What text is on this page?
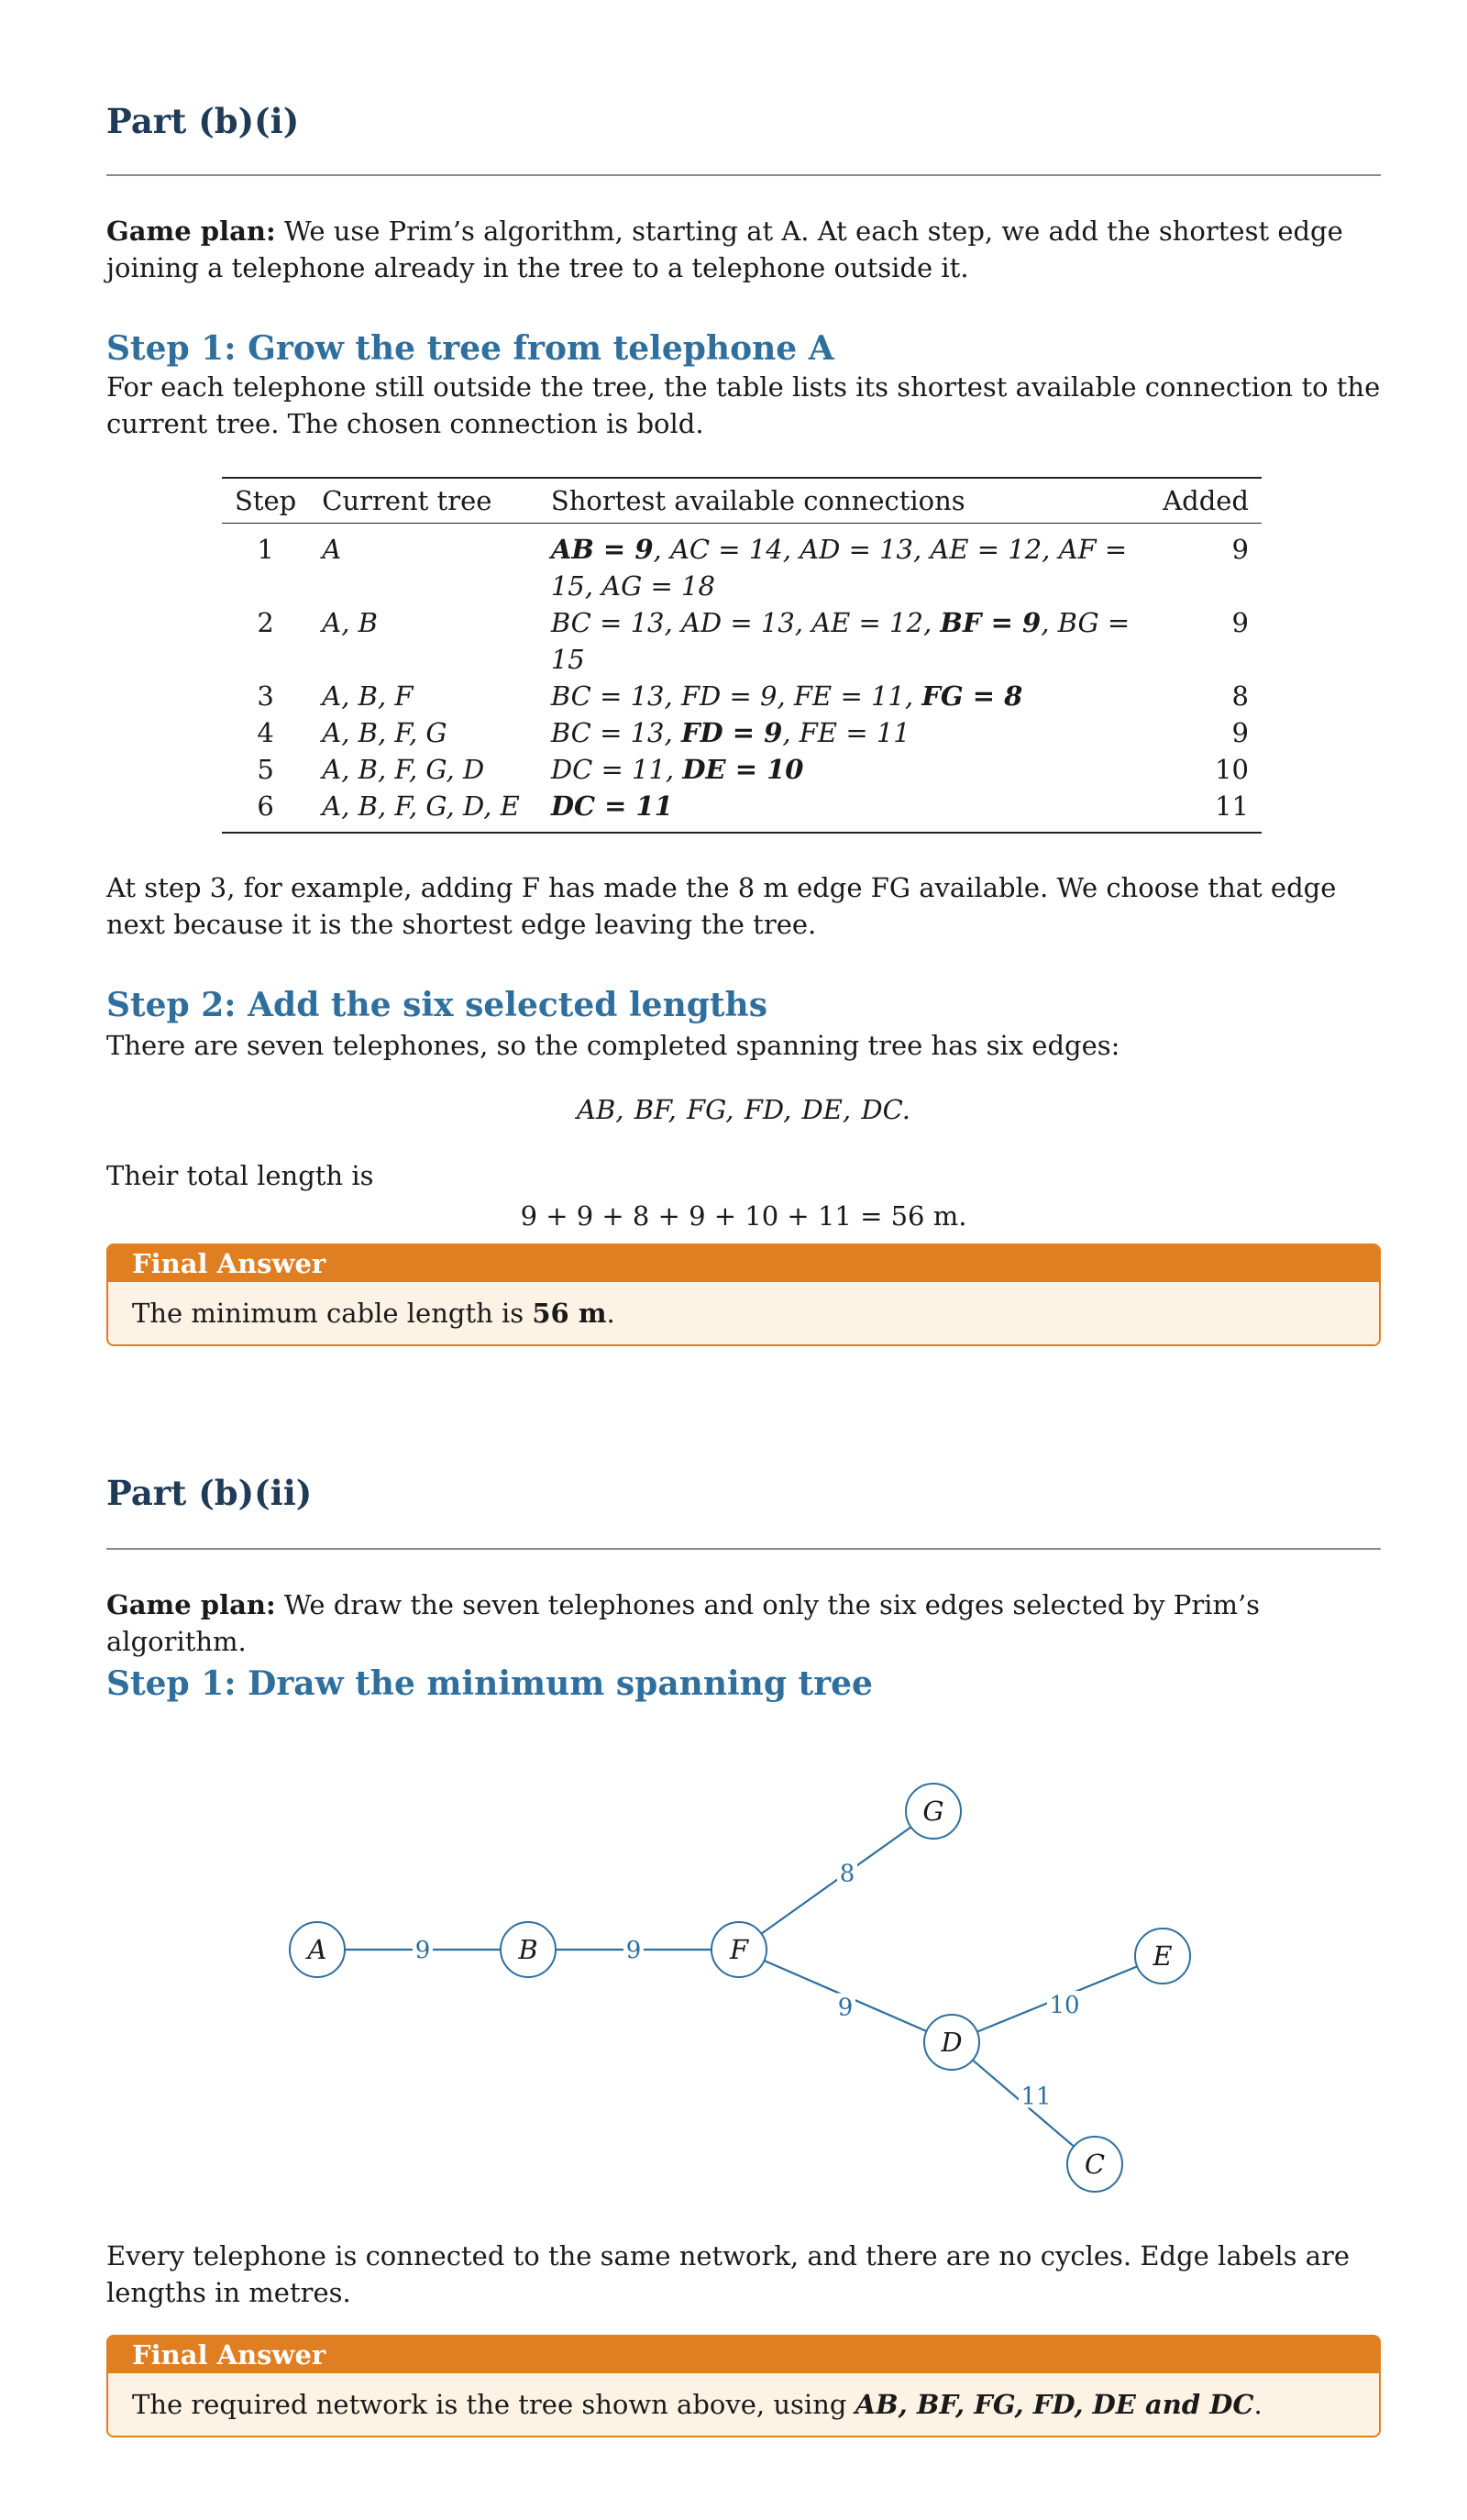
Part (b)(i)

Game plan: We use Prim’s algorithm, starting at A. At each step, we add the shortest edge joining a telephone already in the tree to a telephone outside it.

Step 1: Grow the tree from telephone A

For each telephone still outside the tree, the table lists its shortest available connection to the current tree. The chosen connection is bold.

Step	Current tree	Shortest available connections	Added
1	A	AB = 9, AC = 14, AD = 13, AE = 12, AF = 15, AG = 18	9
2	A, B	BC = 13, AD = 13, AE = 12, BF = 9, BG = 15	9
3	A, B, F	BC = 13, FD = 9, FE = 11, FG = 8	8
4	A, B, F, G	BC = 13, FD = 9, FE = 11	9
5	A, B, F, G, D	DC = 11, DE = 10	10
6	A, B, F, G, D, E	DC = 11	11

At step 3, for example, adding F has made the 8 m edge FG available. We choose that edge next because it is the shortest edge leaving the tree.

Step 2: Add the six selected lengths

There are seven telephones, so the completed spanning tree has six edges:

AB, BF, FG, FD, DE, DC.

Their total length is

9 + 9 + 8 + 9 + 10 + 11 = 56 m.

Final Answer
The minimum cable length is 56 m.
Part (b)(ii)

Game plan: We draw the seven telephones and only the six edges selected by Prim’s algorithm.

Step 1: Draw the minimum spanning tree
9	9
8
9	10
11
A	B	F
G
D
E
C

Every telephone is connected to the same network, and there are no cycles. Edge labels are lengths in metres.

Final Answer
The required network is the tree shown above, using AB, BF, FG, FD, DE and DC.
